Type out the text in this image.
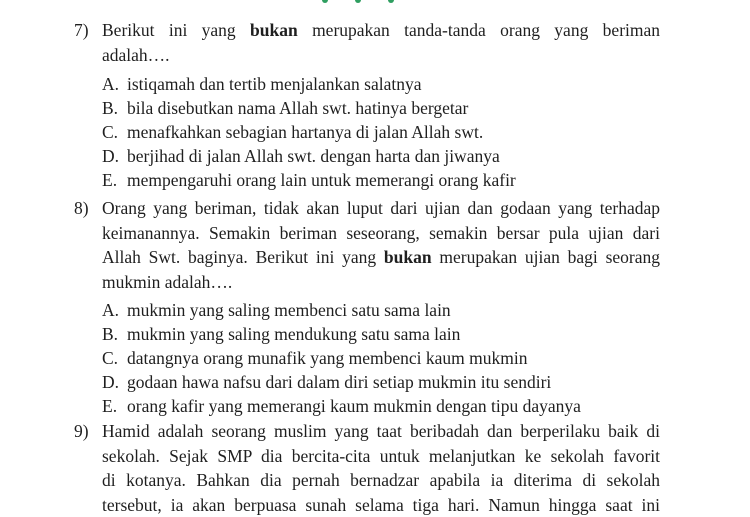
7) Berikut ini yang bukan merupakan tanda-tanda orang yang beriman
adalah….
A. istiqamah dan tertib menjalankan salatnya
B. bila disebutkan nama Allah swt. hatinya bergetar
C. menafkahkan sebagian hartanya di jalan Allah swt.
D. berjihad di jalan Allah swt. dengan harta dan jiwanya
E. mempengaruhi orang lain untuk memerangi orang kafir
8) Orang yang beriman, tidak akan luput dari ujian dan godaan yang terhadap
keimanannya. Semakin beriman seseorang, semakin bersar pula ujian dari
Allah Swt. baginya. Berikut ini yang bukan merupakan ujian bagi seorang
mukmin adalah….
A. mukmin yang saling membenci satu sama lain
B. mukmin yang saling mendukung satu sama lain
C. datangnya orang munafik yang membenci kaum mukmin
D. godaan hawa nafsu dari dalam diri setiap mukmin itu sendiri
E. orang kafir yang memerangi kaum mukmin dengan tipu dayanya
9) Hamid adalah seorang muslim yang taat beribadah dan berperilaku baik di
sekolah. Sejak SMP dia bercita-cita untuk melanjutkan ke sekolah favorit
di kotanya. Bahkan dia pernah bernadzar apabila ia diterima di sekolah
tersebut, ia akan berpuasa sunah selama tiga hari. Namun hingga saat ini
